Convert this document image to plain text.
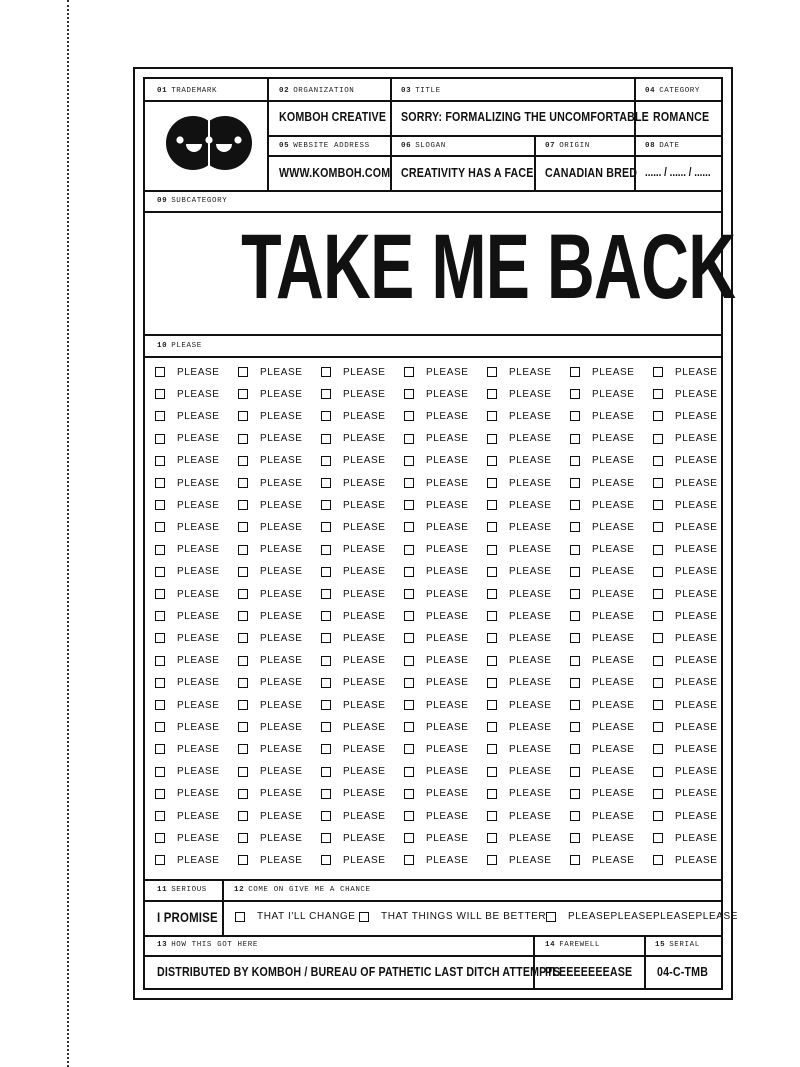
01 TRADEMARK	02 ORGANIZATION
KOMBOH CREATIVE
03 TITLE
SORRY: FORMALIZING THE UNCOMFORTABLE
04 CATEGORY
ROMANCE
05 WEBSITE ADDRESS
WWW.KOMBOH.COM
06 SLOGAN
CREATIVITY HAS A FACE
07 ORIGIN
CANADIAN BRED
08 DATE
...... / ...... / ......
09 SUBCATEGORY
TAKE ME BACK
10 PLEASE
PLEASE	PLEASE	PLEASE	PLEASE	PLEASE	PLEASE	PLEASE
PLEASE	PLEASE	PLEASE	PLEASE	PLEASE	PLEASE	PLEASE
PLEASE	PLEASE	PLEASE	PLEASE	PLEASE	PLEASE	PLEASE
PLEASE	PLEASE	PLEASE	PLEASE	PLEASE	PLEASE	PLEASE
PLEASE	PLEASE	PLEASE	PLEASE	PLEASE	PLEASE	PLEASE
PLEASE	PLEASE	PLEASE	PLEASE	PLEASE	PLEASE	PLEASE
PLEASE	PLEASE	PLEASE	PLEASE	PLEASE	PLEASE	PLEASE
PLEASE	PLEASE	PLEASE	PLEASE	PLEASE	PLEASE	PLEASE
PLEASE	PLEASE	PLEASE	PLEASE	PLEASE	PLEASE	PLEASE
PLEASE	PLEASE	PLEASE	PLEASE	PLEASE	PLEASE	PLEASE
PLEASE	PLEASE	PLEASE	PLEASE	PLEASE	PLEASE	PLEASE
PLEASE	PLEASE	PLEASE	PLEASE	PLEASE	PLEASE	PLEASE
PLEASE	PLEASE	PLEASE	PLEASE	PLEASE	PLEASE	PLEASE
PLEASE	PLEASE	PLEASE	PLEASE	PLEASE	PLEASE	PLEASE
PLEASE	PLEASE	PLEASE	PLEASE	PLEASE	PLEASE	PLEASE
PLEASE	PLEASE	PLEASE	PLEASE	PLEASE	PLEASE	PLEASE
PLEASE	PLEASE	PLEASE	PLEASE	PLEASE	PLEASE	PLEASE
PLEASE	PLEASE	PLEASE	PLEASE	PLEASE	PLEASE	PLEASE
PLEASE	PLEASE	PLEASE	PLEASE	PLEASE	PLEASE	PLEASE
PLEASE	PLEASE	PLEASE	PLEASE	PLEASE	PLEASE	PLEASE
PLEASE	PLEASE	PLEASE	PLEASE	PLEASE	PLEASE	PLEASE
PLEASE	PLEASE	PLEASE	PLEASE	PLEASE	PLEASE	PLEASE
PLEASE	PLEASE	PLEASE	PLEASE	PLEASE	PLEASE	PLEASE
11 SERIOUS
I PROMISE
12 COME ON GIVE ME A CHANCE
THAT I'LL CHANGE	THAT THINGS WILL BE BETTER PLEASEPLEASEPLEASEPLEASE
13 HOW THIS GOT HERE
DISTRIBUTED BY KOMBOH / BUREAU OF PATHETIC LAST DITCH ATTEMPTS
14 FAREWELL
PLEEEEEEEASE
15 SERIAL
04-C-TMB
